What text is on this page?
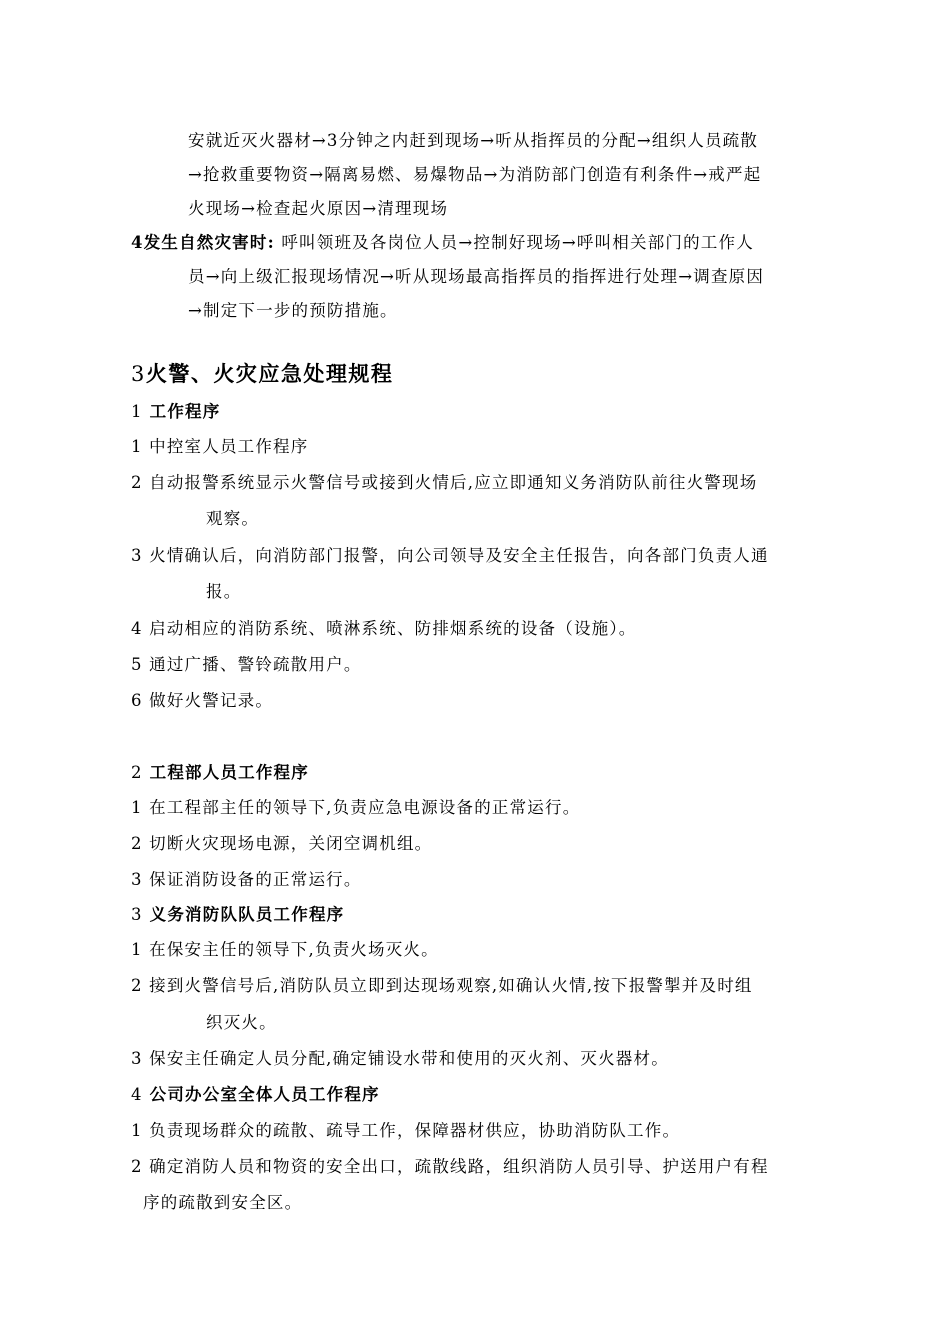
安就近灭火器材→3分钟之内赶到现场→听从指挥员的分配→组织人员疏散
→抢救重要物资→隔离易燃、易爆物品→为消防部门创造有利条件→戒严起
火现场→检查起火原因→清理现场
4发生自然灾害时: 呼叫领班及各岗位人员→控制好现场→呼叫相关部门的工作人
员→向上级汇报现场情况→听从现场最高指挥员的指挥进行处理→调查原因
→制定下一步的预防措施。
3火警、火灾应急处理规程
1 工作程序
1 中控室人员工作程序
2 自动报警系统显示火警信号或接到火情后,应立即通知义务消防队前往火警现场
观察。
3 火情确认后，向消防部门报警，向公司领导及安全主任报告，向各部门负责人通
报。
4 启动相应的消防系统、喷淋系统、防排烟系统的设备（设施）。
5 通过广播、警铃疏散用户。
6 做好火警记录。
2 工程部人员工作程序
1 在工程部主任的领导下,负责应急电源设备的正常运行。
2 切断火灾现场电源，关闭空调机组。
3 保证消防设备的正常运行。
3 义务消防队队员工作程序
1 在保安主任的领导下,负责火场灭火。
2 接到火警信号后,消防队员立即到达现场观察,如确认火情,按下报警掣并及时组
织灭火。
3 保安主任确定人员分配,确定铺设水带和使用的灭火剂、灭火器材。
4 公司办公室全体人员工作程序
1 负责现场群众的疏散、疏导工作，保障器材供应，协助消防队工作。
2 确定消防人员和物资的安全出口，疏散线路，组织消防人员引导、护送用户有程
序的疏散到安全区。
